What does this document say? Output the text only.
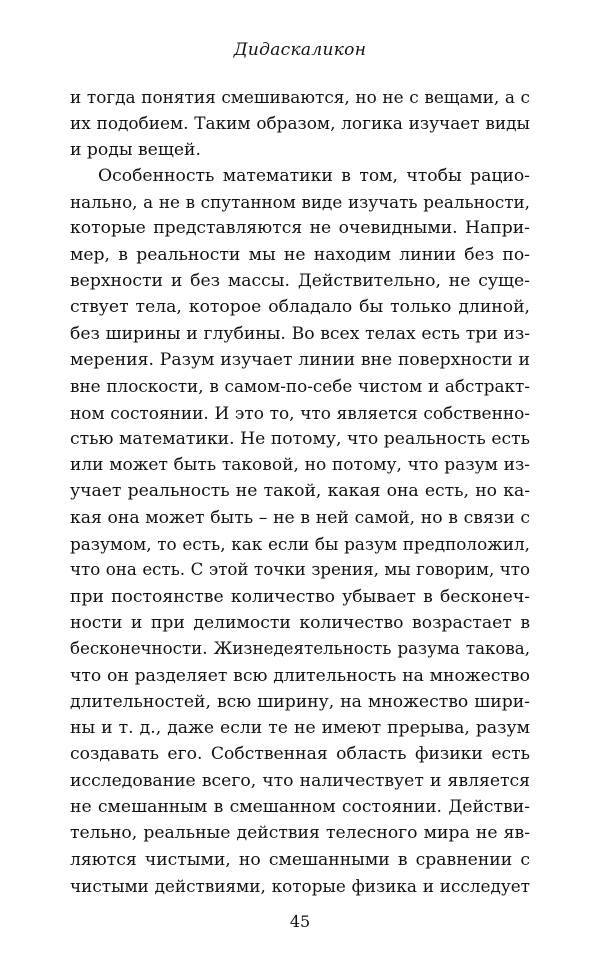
Дидаскаликон
и тогда понятия смешиваются, но не с вещами, а с
их подобием. Таким образом, логика изучает виды
и роды вещей.
Особенность математики в том, чтобы рацио-
нально, а не в спутанном виде изучать реальности,
которые представляются не очевидными. Напри-
мер, в реальности мы не находим линии без по-
верхности и без массы. Действительно, не суще-
ствует тела, которое обладало бы только длиной,
без ширины и глубины. Во всех телах есть три из-
мерения. Разум изучает линии вне поверхности и
вне плоскости, в самом-по-себе чистом и абстракт-
ном состоянии. И это то, что является собственно-
стью математики. Не потому, что реальность есть
или может быть таковой, но потому, что разум из-
учает реальность не такой, какая она есть, но ка-
кая она может быть – не в ней самой, но в связи с
разумом, то есть, как если бы разум предположил,
что она есть. С этой точки зрения, мы говорим, что
при постоянстве количество убывает в бесконеч-
ности и при делимости количество возрастает в
бесконечности. Жизнедеятельность разума такова,
что он разделяет всю длительность на множество
длительностей, всю ширину, на множество шири-
ны и т. д., даже если те не имеют прерыва, разум
создавать его. Собственная область физики есть
исследование всего, что наличествует и является
не смешанным в смешанном состоянии. Действи-
тельно, реальные действия телесного мира не яв-
ляются чистыми, но смешанными в сравнении с
чистыми действиями, которые физика и исследует
45
